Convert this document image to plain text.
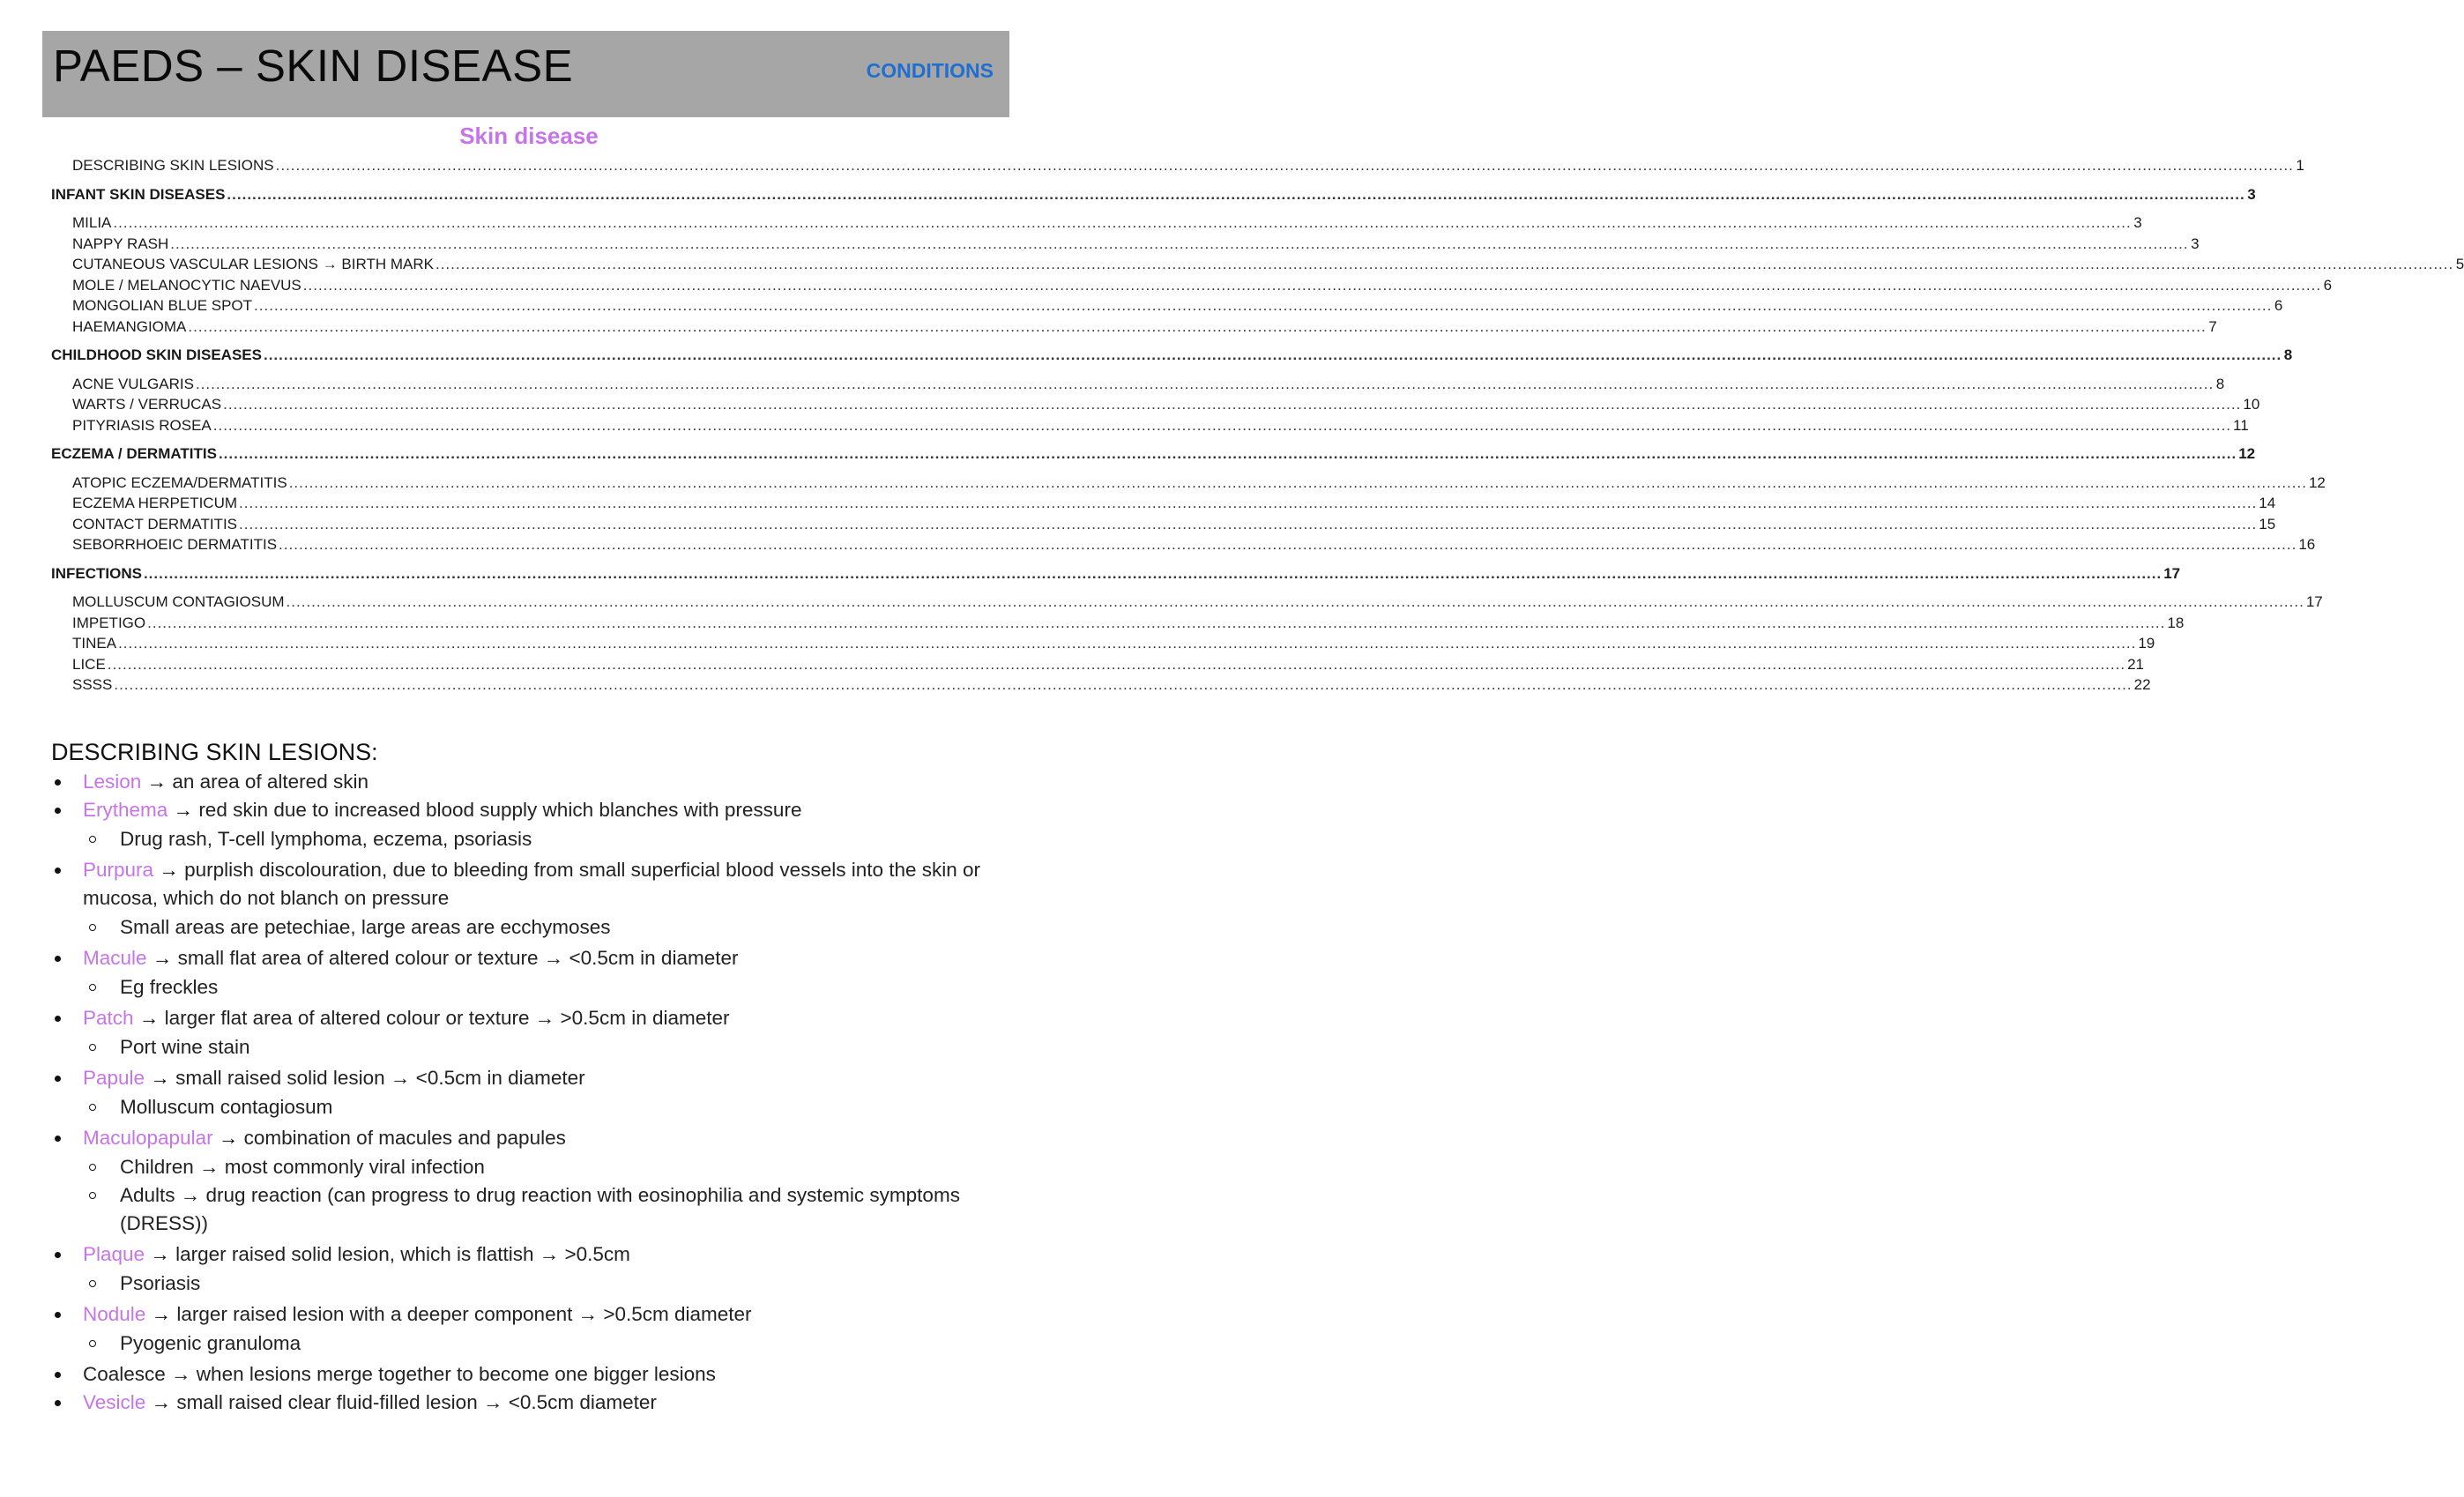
PAEDS – SKIN DISEASE	CONDITIONS
Skin disease
DESCRIBING SKIN LESIONS ................................................................................................................................................................................................................................................................................................................................................................................................................ 1
INFANT SKIN DISEASES ................................................................................................................................................................................................................................................................................................................................................................................................................ 3
MILIA ................................................................................................................................................................................................................................................................................................................................................................................................................ 3
NAPPY RASH ................................................................................................................................................................................................................................................................................................................................................................................................................ 3
CUTANEOUS VASCULAR LESIONS → BIRTH MARK ................................................................................................................................................................................................................................................................................................................................................................................................................ 5
MOLE / MELANOCYTIC NAEVUS ................................................................................................................................................................................................................................................................................................................................................................................................................ 6
MONGOLIAN BLUE SPOT ................................................................................................................................................................................................................................................................................................................................................................................................................ 6
HAEMANGIOMA ................................................................................................................................................................................................................................................................................................................................................................................................................ 7
CHILDHOOD SKIN DISEASES ................................................................................................................................................................................................................................................................................................................................................................................................................ 8
ACNE VULGARIS ................................................................................................................................................................................................................................................................................................................................................................................................................ 8
WARTS / VERRUCAS ................................................................................................................................................................................................................................................................................................................................................................................................................ 10
PITYRIASIS ROSEA ................................................................................................................................................................................................................................................................................................................................................................................................................ 11
ECZEMA / DERMATITIS ................................................................................................................................................................................................................................................................................................................................................................................................................ 12
ATOPIC ECZEMA/DERMATITIS ................................................................................................................................................................................................................................................................................................................................................................................................................ 12
ECZEMA HERPETICUM ................................................................................................................................................................................................................................................................................................................................................................................................................ 14
CONTACT DERMATITIS ................................................................................................................................................................................................................................................................................................................................................................................................................ 15
SEBORRHOEIC DERMATITIS ................................................................................................................................................................................................................................................................................................................................................................................................................ 16
INFECTIONS ................................................................................................................................................................................................................................................................................................................................................................................................................ 17
MOLLUSCUM CONTAGIOSUM ................................................................................................................................................................................................................................................................................................................................................................................................................ 17
IMPETIGO ................................................................................................................................................................................................................................................................................................................................................................................................................ 18
TINEA ................................................................................................................................................................................................................................................................................................................................................................................................................ 19
LICE ................................................................................................................................................................................................................................................................................................................................................................................................................ 21
SSSS ................................................................................................................................................................................................................................................................................................................................................................................................................ 22
DESCRIBING SKIN LESIONS:
Lesion → an area of altered skin
Erythema → red skin due to increased blood supply which blanches with pressure
Drug rash, T-cell lymphoma, eczema, psoriasis
Purpura → purplish discolouration, due to bleeding from small superficial blood vessels into the skin or mucosa, which do not blanch on pressure
Small areas are petechiae, large areas are ecchymoses
Macule → small flat area of altered colour or texture → <0.5cm in diameter
Eg freckles
Patch → larger flat area of altered colour or texture → >0.5cm in diameter
Port wine stain
Papule → small raised solid lesion → <0.5cm in diameter
Molluscum contagiosum
Maculopapular → combination of macules and papules
Children → most commonly viral infection
Adults → drug reaction (can progress to drug reaction with eosinophilia and systemic symptoms (DRESS))
Plaque → larger raised solid lesion, which is flattish → >0.5cm
Psoriasis
Nodule → larger raised lesion with a deeper component → >0.5cm diameter
Pyogenic granuloma
Coalesce → when lesions merge together to become one bigger lesions
Vesicle → small raised clear fluid-filled lesion → <0.5cm diameter
